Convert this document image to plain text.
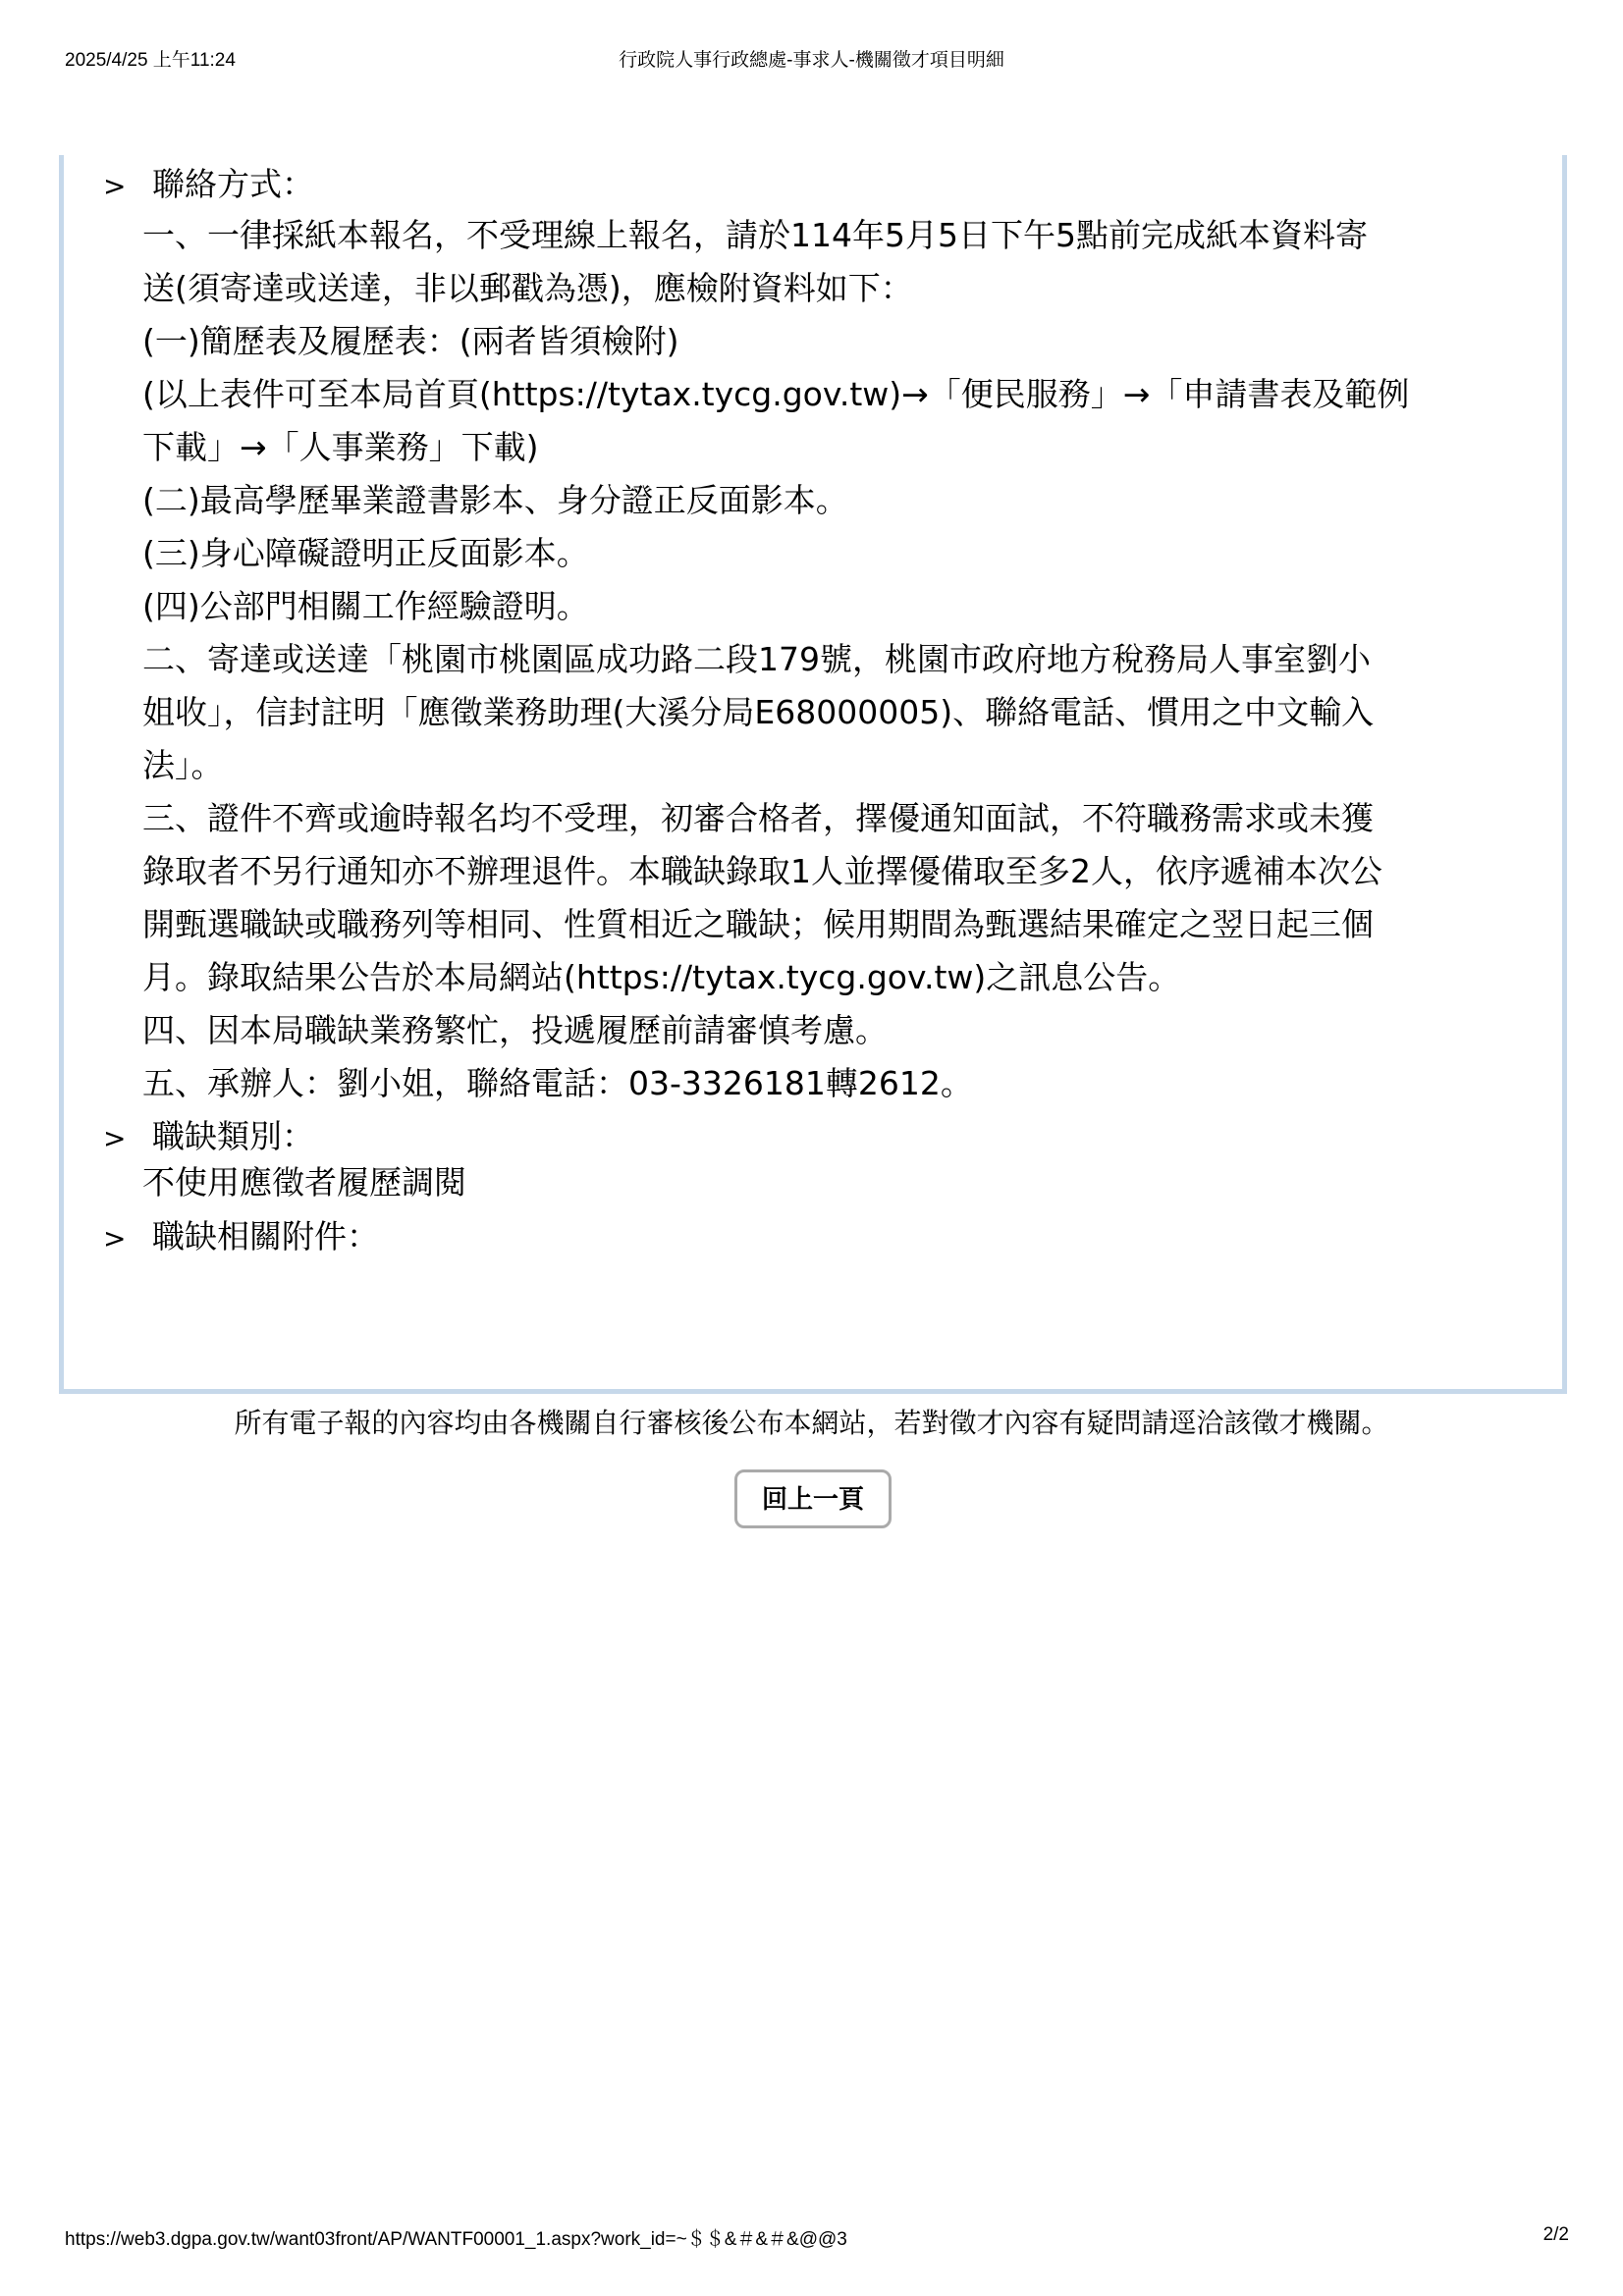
2025/4/25 上午11:24	行政院人事行政總處-事求人-機關徵才項目明細
> 聯絡方式：
一、一律採紙本報名，不受理線上報名，請於114年5月5日下午5點前完成紙本資料寄
送(須寄達或送達，非以郵戳為憑)，應檢附資料如下：
(一)簡歷表及履歷表：(兩者皆須檢附)
(以上表件可至本局首頁(https://tytax.tycg.gov.tw)→「便民服務」→「申請書表及範例
下載」→「人事業務」下載)
(二)最高學歷畢業證書影本、身分證正反面影本。
(三)身心障礙證明正反面影本。
(四)公部門相關工作經驗證明。
二、寄達或送達「桃園市桃園區成功路二段179號，桃園市政府地方稅務局人事室劉小
姐收」，信封註明「應徵業務助理(大溪分局E68000005)、聯絡電話、慣用之中文輸入
法」。
三、證件不齊或逾時報名均不受理，初審合格者，擇優通知面試，不符職務需求或未獲
錄取者不另行通知亦不辦理退件。本職缺錄取1人並擇優備取至多2人，依序遞補本次公
開甄選職缺或職務列等相同、性質相近之職缺；候用期間為甄選結果確定之翌日起三個
月。錄取結果公告於本局網站(https://tytax.tycg.gov.tw)之訊息公告。
四、因本局職缺業務繁忙，投遞履歷前請審慎考慮。
五、承辦人：劉小姐，聯絡電話：03-3326181轉2612。
> 職缺類別：
不使用應徵者履歷調閱
> 職缺相關附件：
所有電子報的內容均由各機關自行審核後公布本網站，若對徵才內容有疑問請逕洽該徵才機關。
回上一頁
https://web3.dgpa.gov.tw/want03front/AP/WANTF00001_1.aspx?work_id=~＄＄&＃&＃&@@3	2/2
